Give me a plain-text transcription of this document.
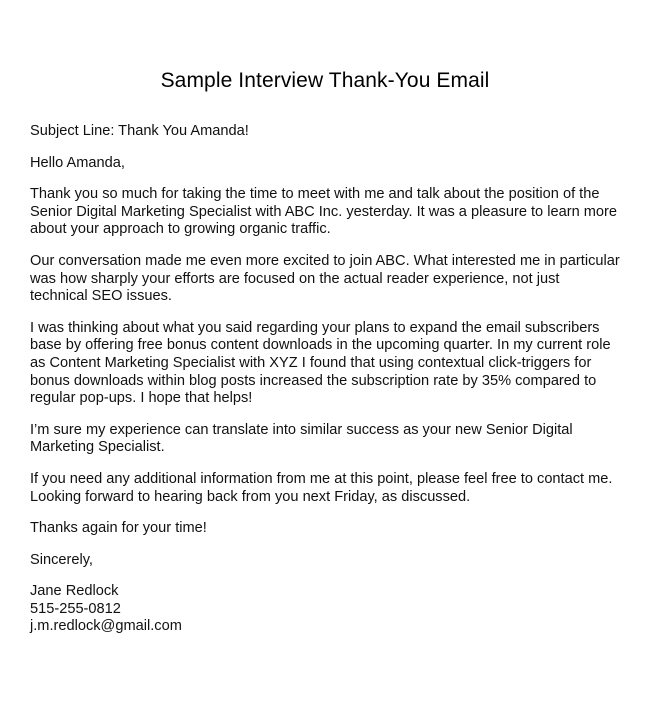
Sample Interview Thank-You Email

Subject Line: Thank You Amanda!

Hello Amanda,

Thank you so much for taking the time to meet with me and talk about the position of the
Senior Digital Marketing Specialist with ABC Inc. yesterday. It was a pleasure to learn more
about your approach to growing organic traffic.

Our conversation made me even more excited to join ABC. What interested me in particular
was how sharply your efforts are focused on the actual reader experience, not just
technical SEO issues.

I was thinking about what you said regarding your plans to expand the email subscribers
base by offering free bonus content downloads in the upcoming quarter. In my current role
as Content Marketing Specialist with XYZ I found that using contextual click-triggers for
bonus downloads within blog posts increased the subscription rate by 35% compared to
regular pop-ups. I hope that helps!

I’m sure my experience can translate into similar success as your new Senior Digital
Marketing Specialist.

If you need any additional information from me at this point, please feel free to contact me.
Looking forward to hearing back from you next Friday, as discussed.

Thanks again for your time!

Sincerely,

Jane Redlock

515-255-0812

j.m.redlock@gmail.com
